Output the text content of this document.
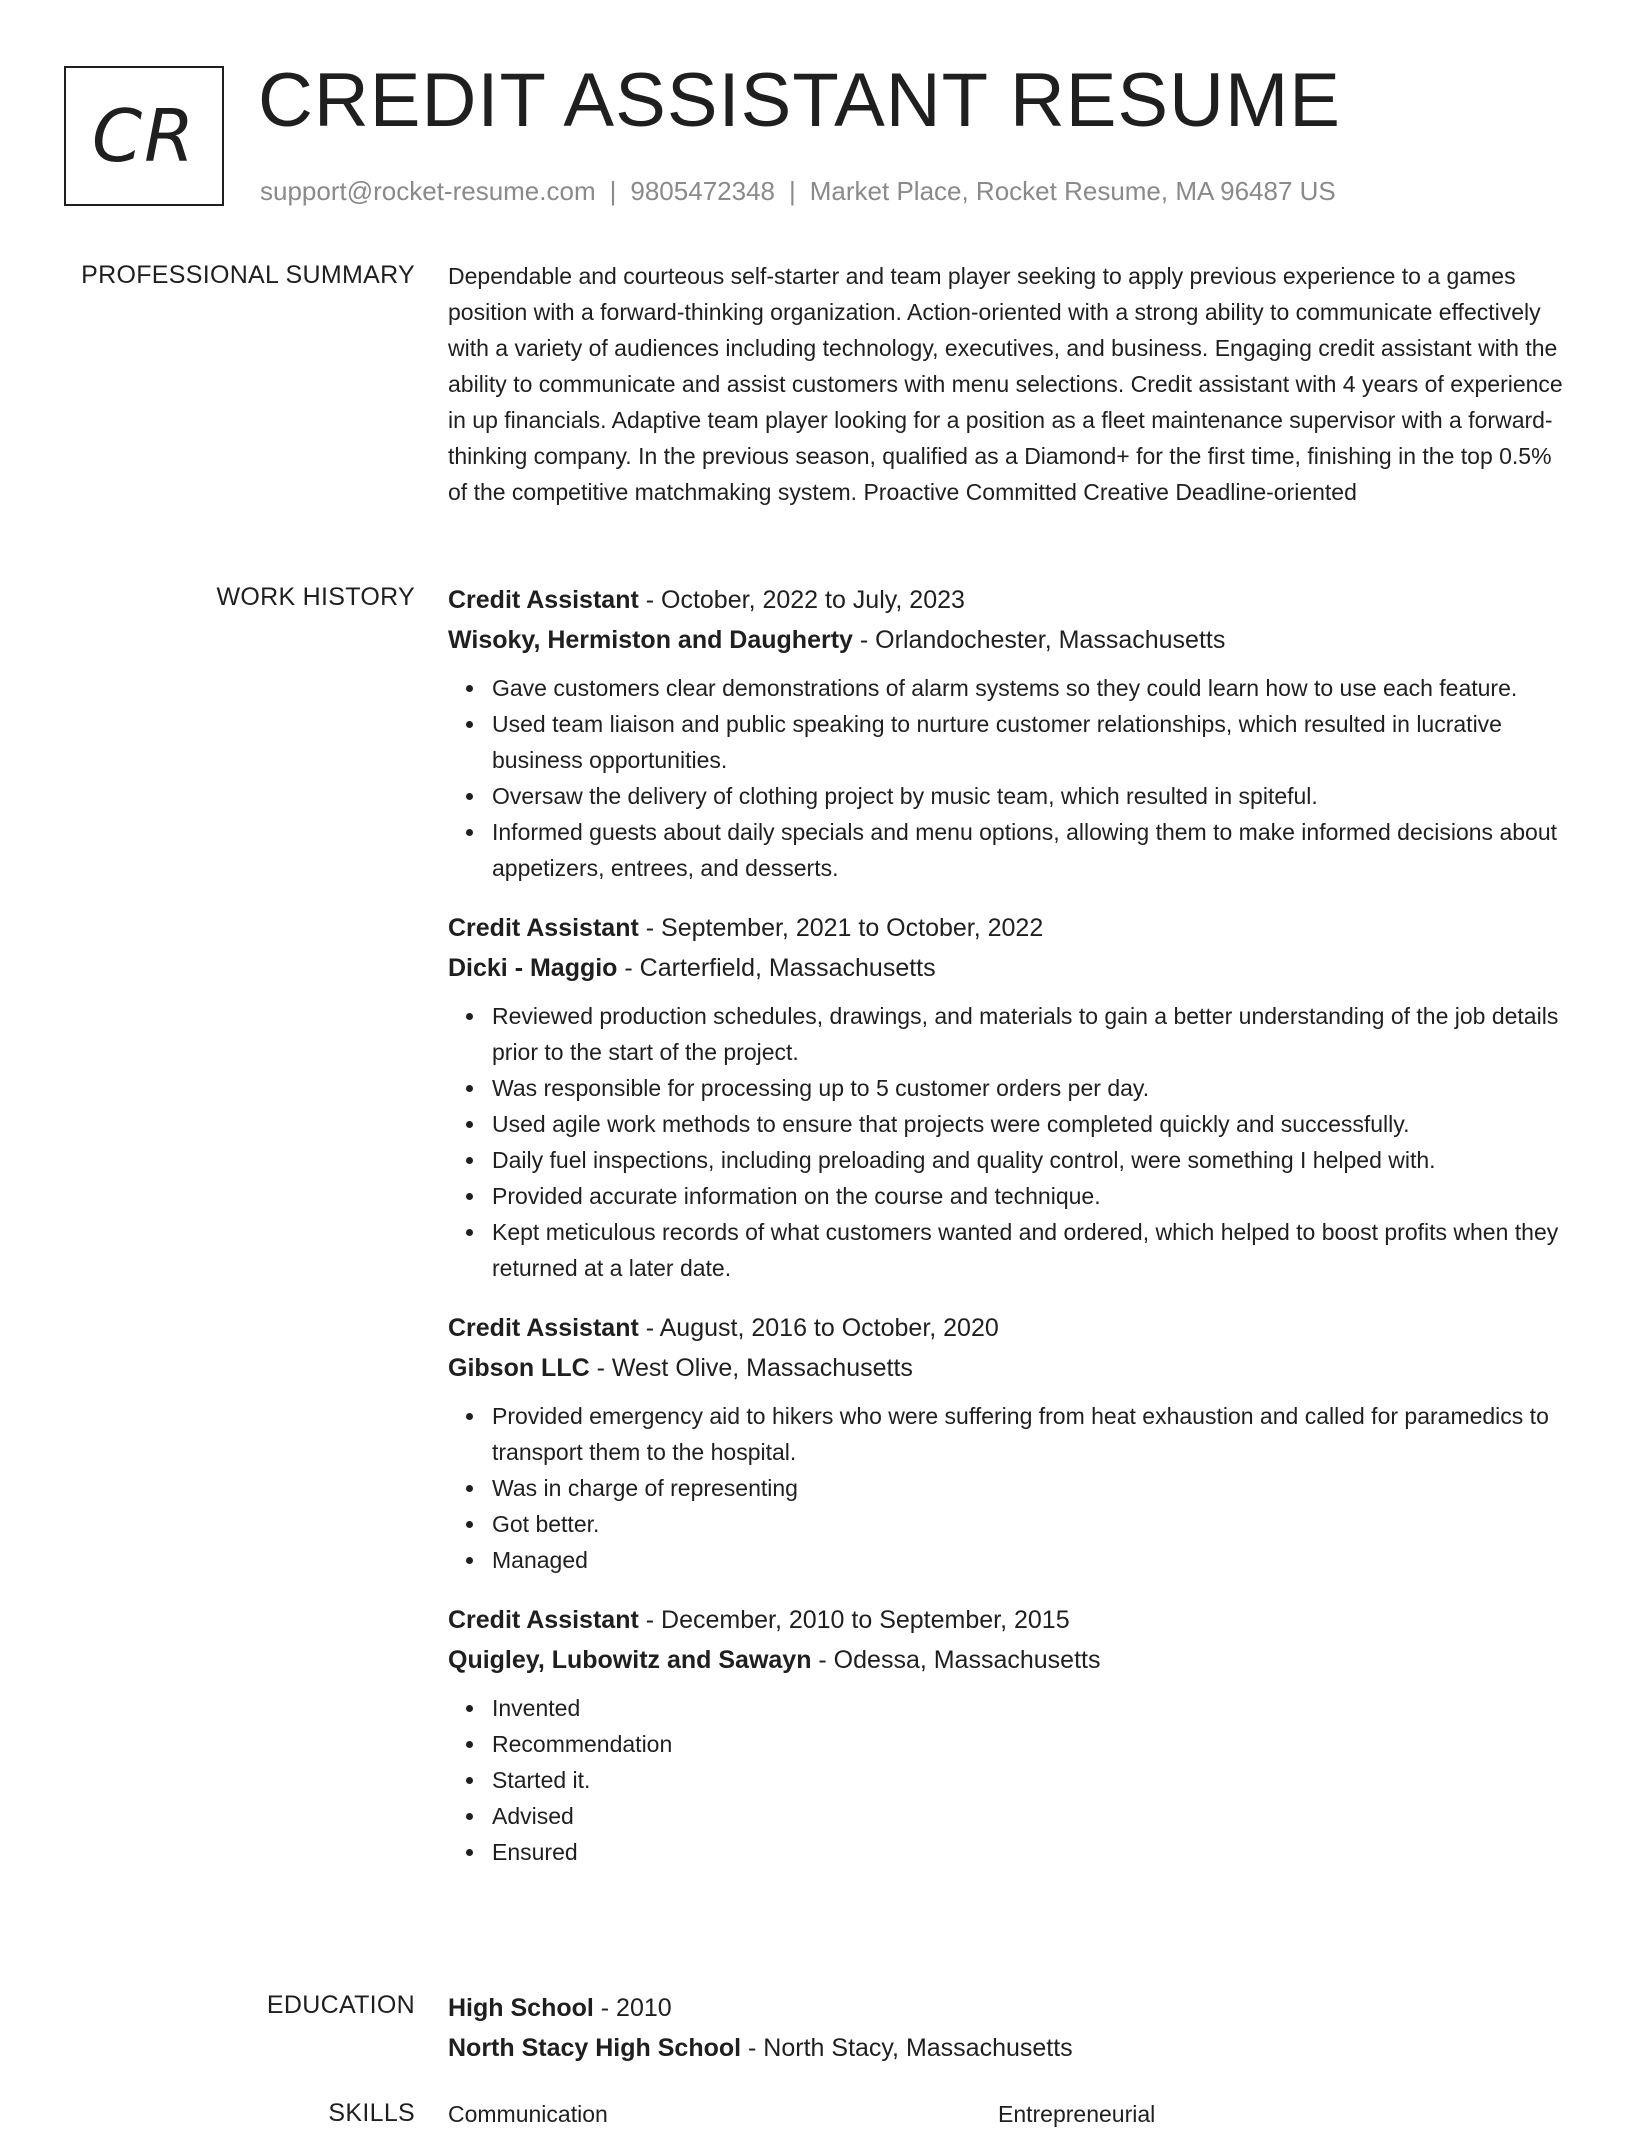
CR CREDIT ASSISTANT RESUME
support@rocket-resume.com | 9805472348 | Market Place, Rocket Resume, MA 96487 US
PROFESSIONAL SUMMARY Dependable and courteous self-starter and team player seeking to apply previous experience to a games position with a forward-thinking organization. Action-oriented with a strong ability to communicate effectively with a variety of audiences including technology, executives, and business. Engaging credit assistant with the ability to communicate and assist customers with menu selections. Credit assistant with 4 years of experience in up financials. Adaptive team player looking for a position as a fleet maintenance supervisor with a forward-thinking company. In the previous season, qualified as a Diamond+ for the first time, finishing in the top 0.5% of the competitive matchmaking system. Proactive Committed Creative Deadline-oriented

WORK HISTORY Credit Assistant - October, 2022 to July, 2023
Wisoky, Hermiston and Daugherty - Orlandochester, Massachusetts
Gave customers clear demonstrations of alarm systems so they could learn how to use each feature.
Used team liaison and public speaking to nurture customer relationships, which resulted in lucrative business opportunities.
Oversaw the delivery of clothing project by music team, which resulted in spiteful.
Informed guests about daily specials and menu options, allowing them to make informed decisions about appetizers, entrees, and desserts.
Credit Assistant - September, 2021 to October, 2022
Dicki - Maggio - Carterfield, Massachusetts
Reviewed production schedules, drawings, and materials to gain a better understanding of the job details prior to the start of the project.
Was responsible for processing up to 5 customer orders per day.
Used agile work methods to ensure that projects were completed quickly and successfully.
Daily fuel inspections, including preloading and quality control, were something I helped with.
Provided accurate information on the course and technique.
Kept meticulous records of what customers wanted and ordered, which helped to boost profits when they returned at a later date.
Credit Assistant - August, 2016 to October, 2020
Gibson LLC - West Olive, Massachusetts
Provided emergency aid to hikers who were suffering from heat exhaustion and called for paramedics to transport them to the hospital.
Was in charge of representing
Got better.
Managed
Credit Assistant - December, 2010 to September, 2015
Quigley, Lubowitz and Sawayn - Odessa, Massachusetts
Invented
Recommendation
Started it.
Advised
Ensured
EDUCATION High School - 2010
North Stacy High School - North Stacy, Massachusetts
SKILLS Communication	Entrepreneurial
